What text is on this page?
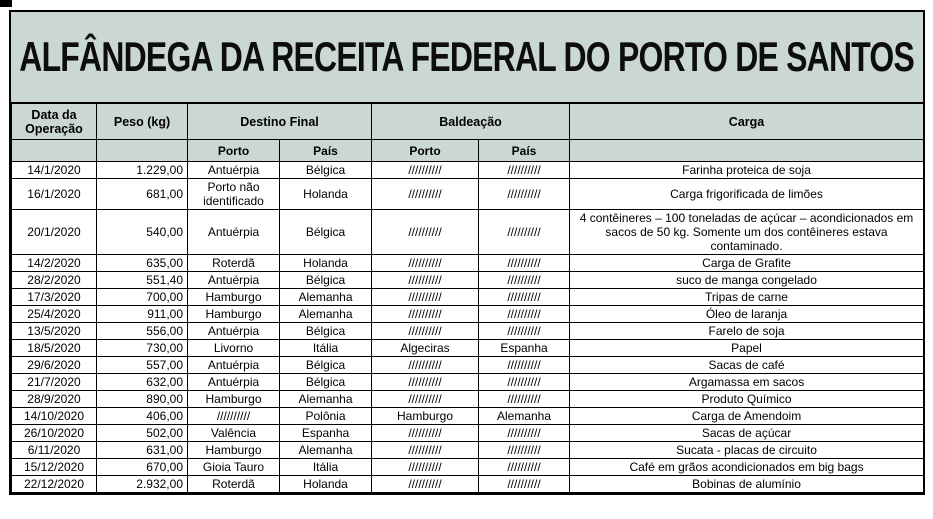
ALFÂNDEGA DA RECEITA FEDERAL DO PORTO DE SANTOS
Data da Operação	Peso (kg)	Destino Final		Baldeação		Carga
		Porto	País	Porto	País	
14/1/2020	1.229,00	Antuérpia	Bélgica	//////////	//////////	Farinha proteica de soja
16/1/2020	681,00	Porto não identificado	Holanda	//////////	//////////	Carga frigorificada de limões
20/1/2020	540,00	Antuérpia	Bélgica	//////////	//////////	4 contêineres – 100 toneladas de açúcar – acondicionados em sacos de 50 kg. Somente um dos contêineres estava contaminado.
14/2/2020	635,00	Roterdã	Holanda	//////////	//////////	Carga de Grafite
28/2/2020	551,40	Antuérpia	Bélgica	//////////	//////////	suco de manga congelado
17/3/2020	700,00	Hamburgo	Alemanha	//////////	//////////	Tripas de carne
25/4/2020	911,00	Hamburgo	Alemanha	//////////	//////////	Óleo de laranja
13/5/2020	556,00	Antuérpia	Bélgica	//////////	//////////	Farelo de soja
18/5/2020	730,00	Livorno	Itália	Algeciras	Espanha	Papel
29/6/2020	557,00	Antuérpia	Bélgica	//////////	//////////	Sacas de café
21/7/2020	632,00	Antuérpia	Bélgica	//////////	//////////	Argamassa em sacos
28/9/2020	890,00	Hamburgo	Alemanha	//////////	//////////	Produto Químico
14/10/2020	406,00	//////////	Polônia	Hamburgo	Alemanha	Carga de Amendoim
26/10/2020	502,00	Valência	Espanha	//////////	//////////	Sacas de açúcar
6/11/2020	631,00	Hamburgo	Alemanha	//////////	//////////	Sucata - placas de circuito
15/12/2020	670,00	Gioia Tauro	Itália	//////////	//////////	Café em grãos acondicionados em big bags
22/12/2020	2.932,00	Roterdã	Holanda	//////////	//////////	Bobinas de alumínio
